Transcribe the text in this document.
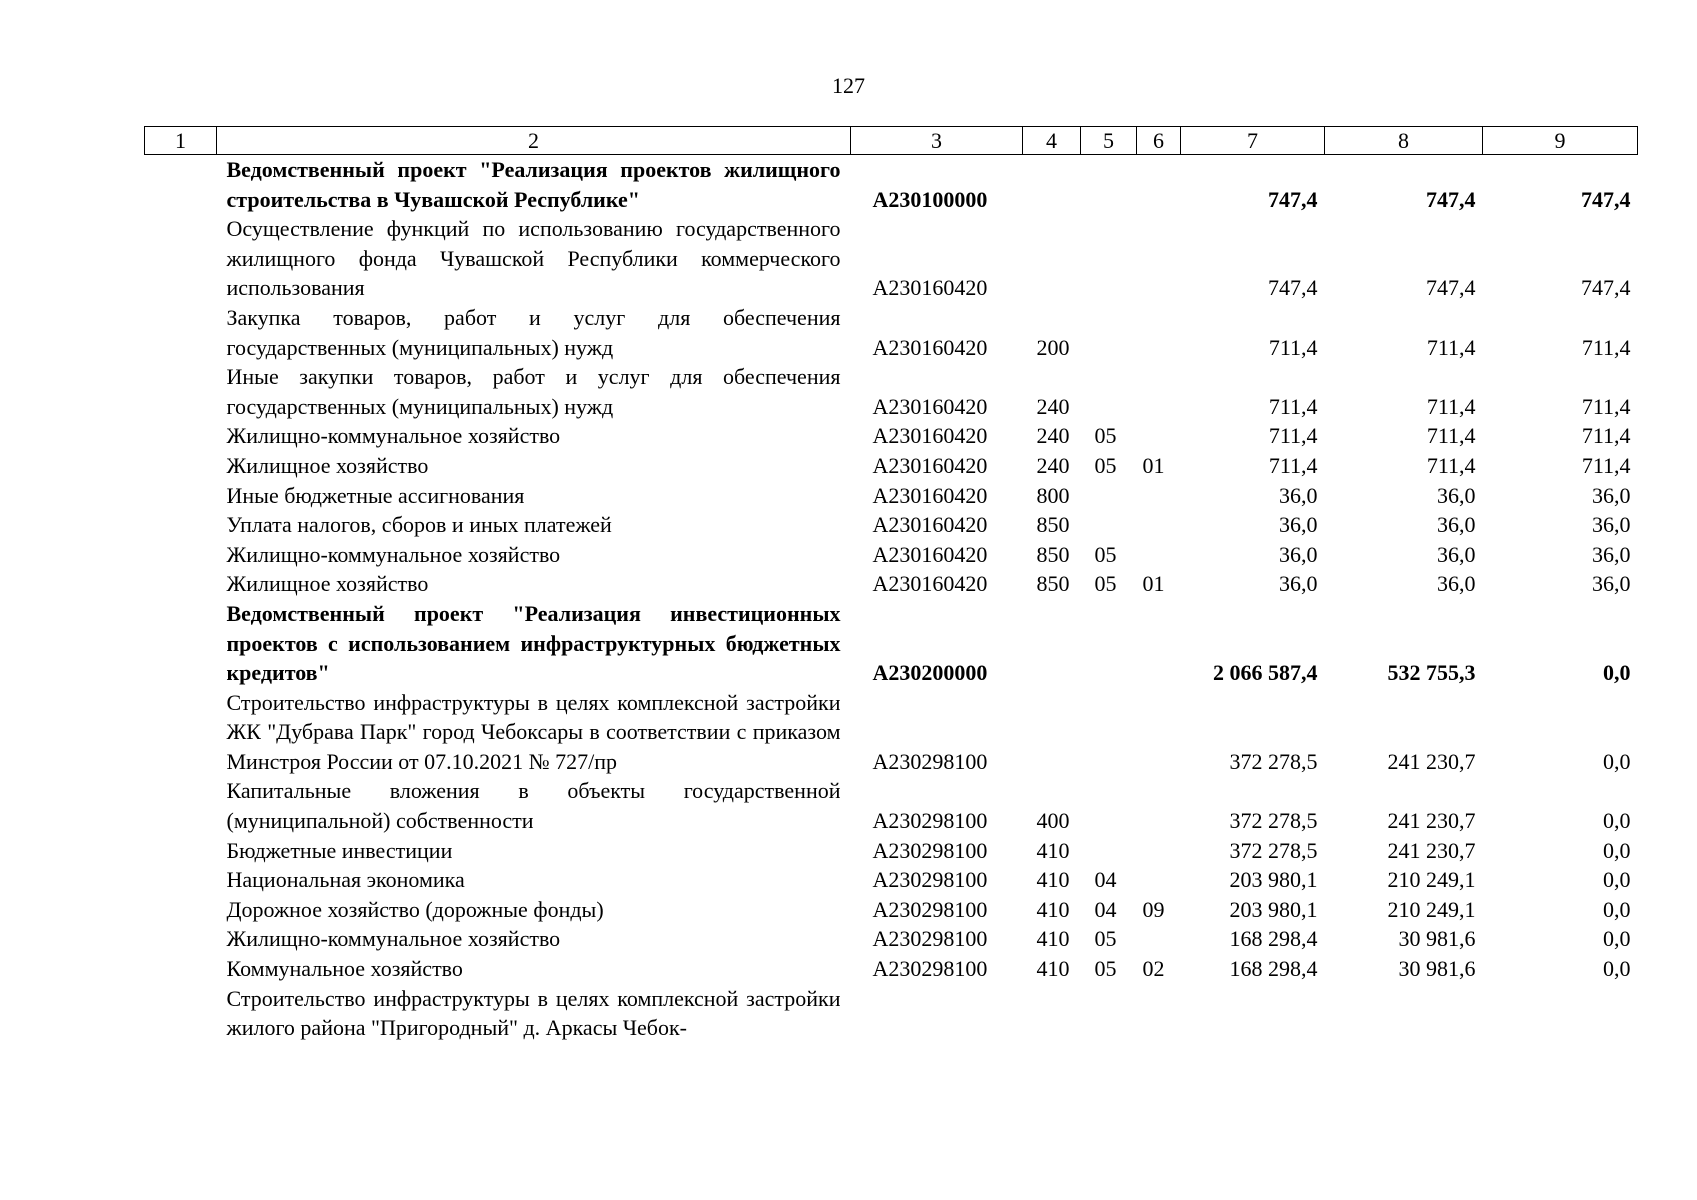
127
1	2	3	4	5	6	7	8	9
	Ведомственный проект "Реализация проектов жилищного строительства в Чувашской Республике"	А230100000				747,4	747,4	747,4
	Осуществление функций по использованию государственного жилищного фонда Чувашской Республики коммерческого использования	А230160420				747,4	747,4	747,4
	Закупка товаров, работ и услуг для обеспечения государственных (муниципальных) нужд	А230160420	200			711,4	711,4	711,4
	Иные закупки товаров, работ и услуг для обеспечения государственных (муниципальных) нужд	А230160420	240			711,4	711,4	711,4
	Жилищно-коммунальное хозяйство	А230160420	240	05		711,4	711,4	711,4
	Жилищное хозяйство	А230160420	240	05	01	711,4	711,4	711,4
	Иные бюджетные ассигнования	А230160420	800			36,0	36,0	36,0
	Уплата налогов, сборов и иных платежей	А230160420	850			36,0	36,0	36,0
	Жилищно-коммунальное хозяйство	А230160420	850	05		36,0	36,0	36,0
	Жилищное хозяйство	А230160420	850	05	01	36,0	36,0	36,0
	Ведомственный проект "Реализация инвестиционных проектов с использованием инфраструктурных бюджетных кредитов"	А230200000				2 066 587,4	532 755,3	0,0
	Строительство инфраструктуры в целях комплексной застройки ЖК "Дубрава Парк" город Чебоксары в соответствии с приказом Минстроя России от 07.10.2021 № 727/пр	А230298100				372 278,5	241 230,7	0,0
	Капитальные вложения в объекты государственной (муниципальной) собственности	А230298100	400			372 278,5	241 230,7	0,0
	Бюджетные инвестиции	А230298100	410			372 278,5	241 230,7	0,0
	Национальная экономика	А230298100	410	04		203 980,1	210 249,1	0,0
	Дорожное хозяйство (дорожные фонды)	А230298100	410	04	09	203 980,1	210 249,1	0,0
	Жилищно-коммунальное хозяйство	А230298100	410	05		168 298,4	30 981,6	0,0
	Коммунальное хозяйство	А230298100	410	05	02	168 298,4	30 981,6	0,0
	Строительство инфраструктуры в целях комплексной застройки жилого района "Пригородный" д. Аркасы Чебок-							
